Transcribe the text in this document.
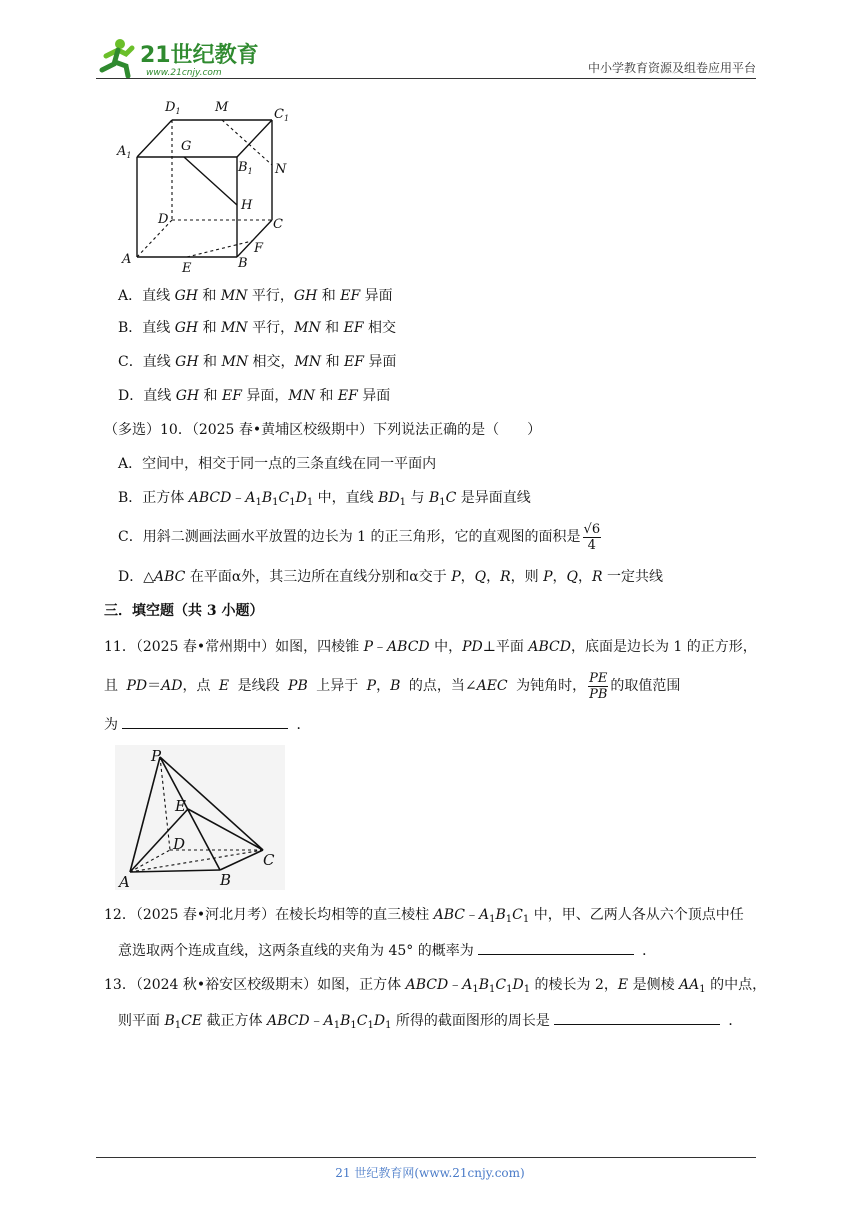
21世纪教育
www.21cnjy.com	中小学教育资源及组卷应用平台
$D_1$	M	$C_1$
$A_1$
G
$B_1$ N
H
D	C
F
A	B
E
A．直线 GH 和 MN 平行，GH 和 EF 异面
B．直线 GH 和 MN 平行，MN 和 EF 相交
C．直线 GH 和 MN 相交，MN 和 EF 异面
D．直线 GH 和 EF 异面，MN 和 EF 异面
（多选）10．（2025 春•黄埔区校级期中）下列说法正确的是（　　）
A．空间中，相交于同一点的三条直线在同一平面内
B．正方体 $ABCD﹣A_1B_1C_1D_1$ 中，直线 $BD_1$ 与 $B_1C$ 是异面直线
C．用斜二测画法画水平放置的边长为 1 的正三角形，它的直观图的面积是 $\frac{√6}{4}$
D．△ABC 在平面α外，其三边所在直线分别和α交于 P，Q，R，则 P，Q，R 一定共线
三．填空题（共 3 小题）
11．（2025 春•常州期中）如图，四棱锥 P﹣ABCD 中，PD⊥平面 ABCD，底面是边长为 1 的正方形，
且 PD＝AD，点 E 是线段 PB 上异于 P，B 的点，当∠AEC 为钝角时， $\frac{PE}{PB}$ 的取值范围
为	．
P
E
D
C
A	B
12．（2025 春•河北月考）在棱长均相等的直三棱柱 $ABC﹣A_1B_1C_1$ 中，甲、乙两人各从六个顶点中任
意选取两个连成直线，这两条直线的夹角为 45° 的概率为	．
13．（2024 秋•裕安区校级期末）如图，正方体 $ABCD﹣A_1B_1C_1D_1$ 的棱长为 2，E 是侧棱 $AA_1$ 的中点，
则平面 $B_1CE$ 截正方体 $ABCD﹣A_1B_1C_1D_1$ 所得的截面图形的周长是	．
21 世纪教育网(www.21cnjy.com)
